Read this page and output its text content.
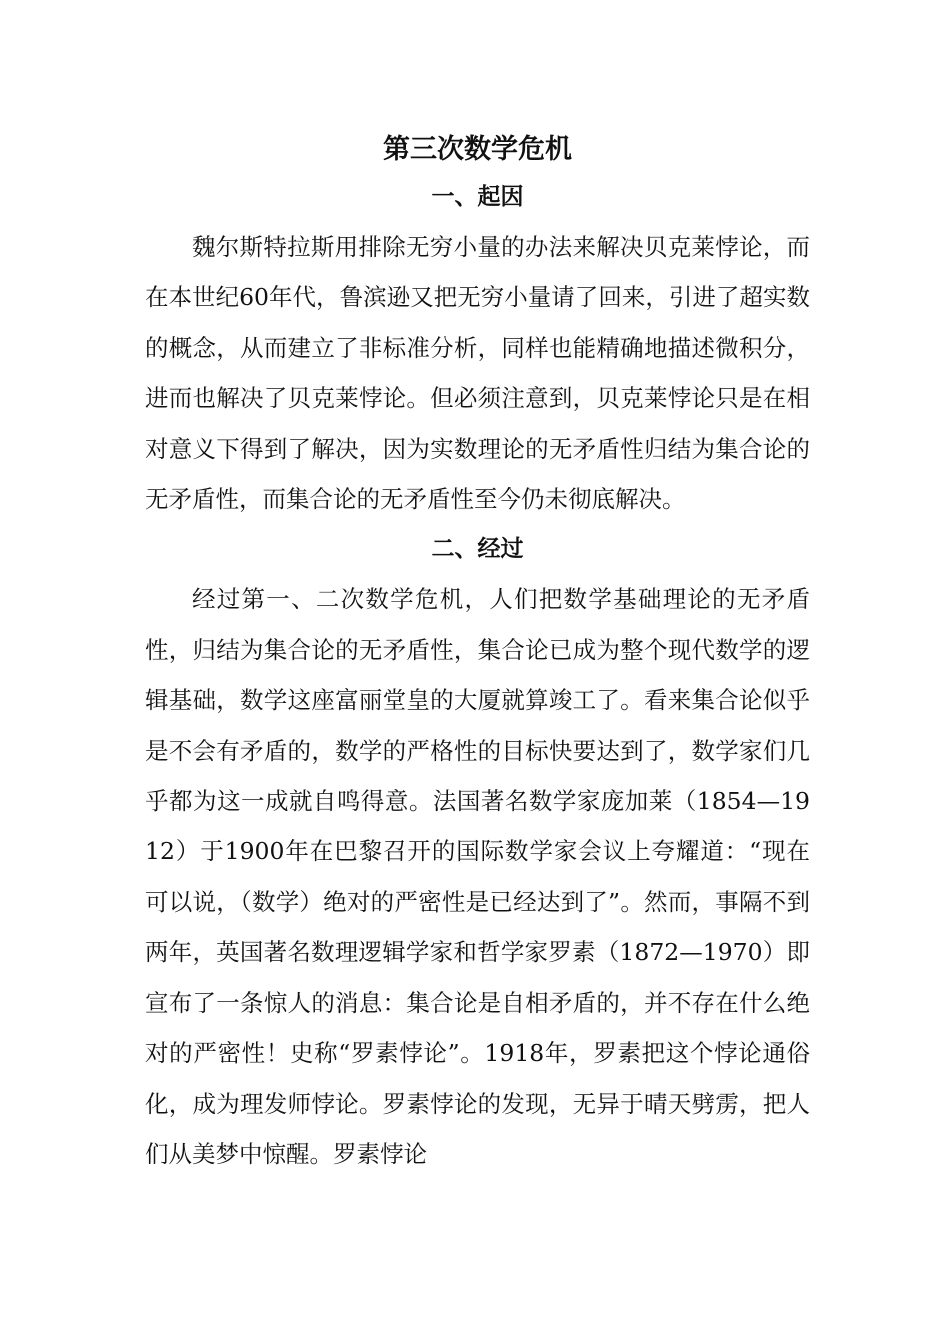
第三次数学危机
一、起因

魏尔斯特拉斯用排除无穷小量的办法来解决贝克莱悖论，而在本世纪60年代，鲁滨逊又把无穷小量请了回来，引进了超实数的概念，从而建立了非标准分析，同样也能精确地描述微积分，进而也解决了贝克莱悖论。但必须注意到，贝克莱悖论只是在相对意义下得到了解决，因为实数理论的无矛盾性归结为集合论的无矛盾性，而集合论的无矛盾性至今仍未彻底解决。

二、经过

经过第一、二次数学危机，人们把数学基础理论的无矛盾性，归结为集合论的无矛盾性，集合论已成为整个现代数学的逻辑基础，数学这座富丽堂皇的大厦就算竣工了。看来集合论似乎是不会有矛盾的，数学的严格性的目标快要达到了，数学家们几乎都为这一成就自鸣得意。法国著名数学家庞加莱（1854—1912）于1900年在巴黎召开的国际数学家会议上夸耀道：“现在可以说，（数学）绝对的严密性是已经达到了”。然而，事隔不到两年，英国著名数理逻辑学家和哲学家罗素（1872—1970）即宣布了一条惊人的消息：集合论是自相矛盾的，并不存在什么绝对的严密性！史称“罗素悖论”。1918年，罗素把这个悖论通俗化，成为理发师悖论。罗素悖论的发现，无异于晴天劈雳，把人们从美梦中惊醒。罗素悖论
